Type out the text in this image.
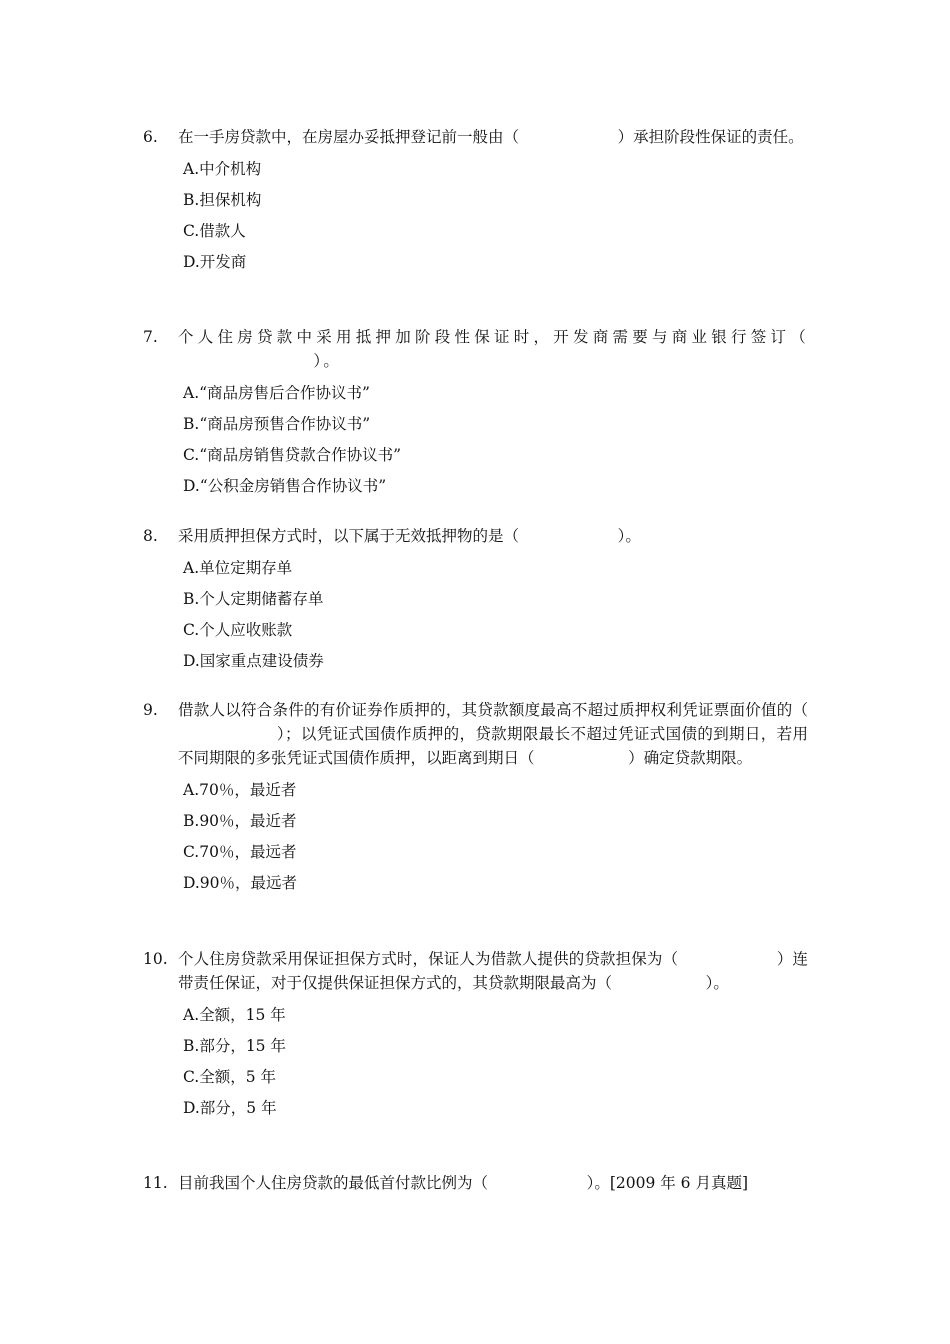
6.	在一手房贷款中，在房屋办妥抵押登记前一般由（	）承担阶段性保证的责任。
A.中介机构
B.担保机构
C.借款人
D.开发商
7.	个人住房贷款中采用抵押加阶段性保证时，开发商需要与商业银行签订（                   ）。
A.“商品房售后合作协议书”
B.“商品房预售合作协议书”
C.“商品房销售贷款合作协议书”
D.“公积金房销售合作协议书”
8.	采用质押担保方式时，以下属于无效抵押物的是（	）。
A.单位定期存单
B.个人定期储蓄存单
C.个人应收账款
D.国家重点建设债券
9.	借款人以符合条件的有价证券作质押的，其贷款额度最高不超过质押权利凭证票面价值的（                    ）；以凭证式国债作质押的，贷款期限最长不超过凭证式国债的到期日，若用不同期限的多张凭证式国债作质押，以距离到期日（	）确定贷款期限。
A.70％，最近者
B.90％，最近者
C.70％，最远者
D.90％，最远者
10. 个人住房贷款采用保证担保方式时，保证人为借款人提供的贷款担保为（	）连带责任保证，对于仅提供保证担保方式的，其贷款期限最高为（	）。
A.全额，15 年
B.部分，15 年
C.全额，5 年
D.部分，5 年
11. 目前我国个人住房贷款的最低首付款比例为（	）。[2009 年 6 月真题]
